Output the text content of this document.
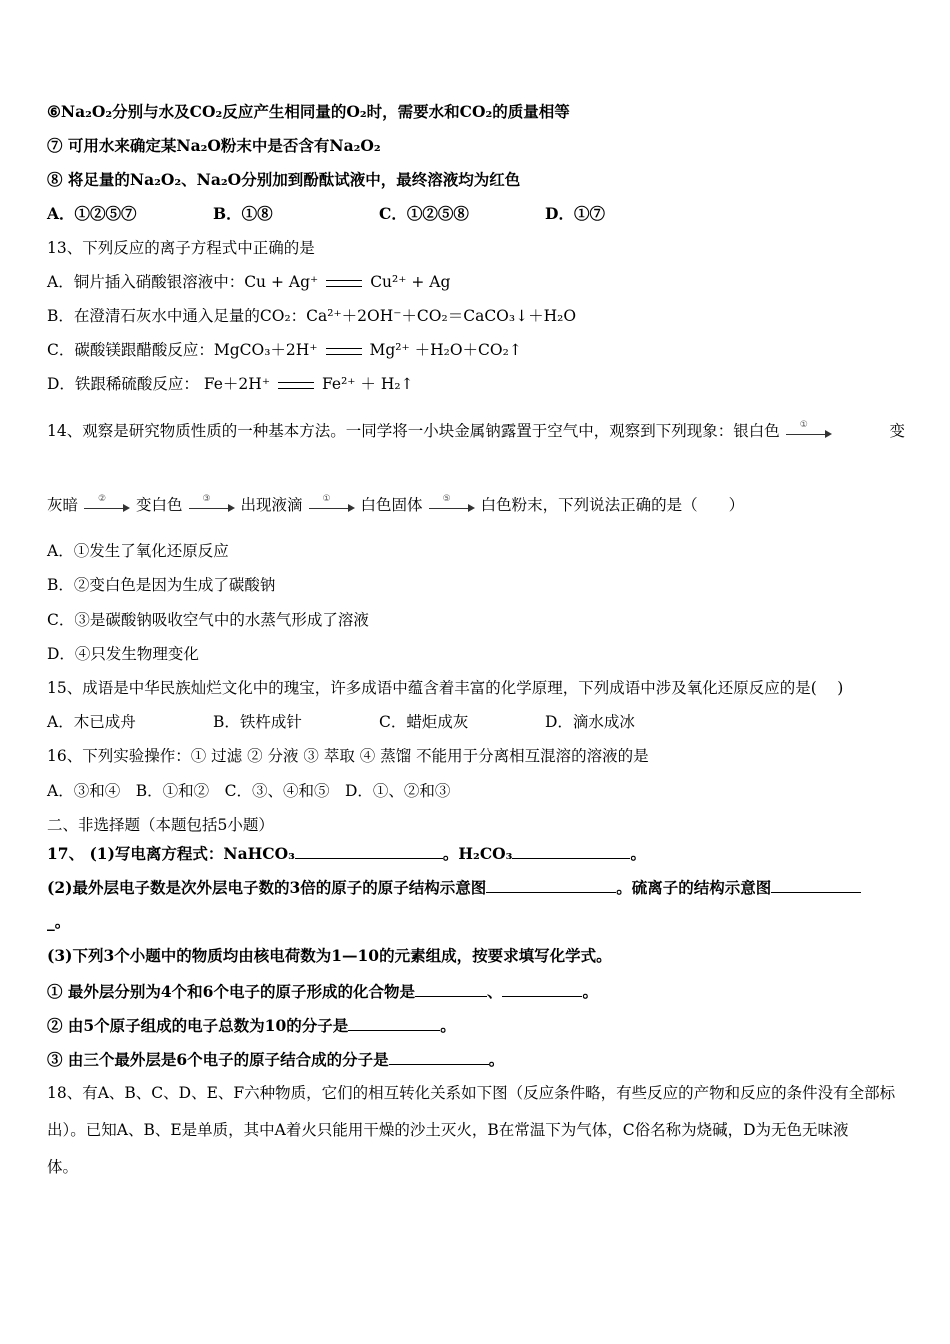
⑥Na₂O₂分别与水及CO₂反应产生相同量的O₂时，需要水和CO₂的质量相等
⑦ 可用水来确定某Na₂O粉末中是否含有Na₂O₂
⑧ 将足量的Na₂O₂、Na₂O分别加到酚酞试液中，最终溶液均为红色
A．①②⑤⑦	B．①⑧	C．①②⑤⑧	D．①⑦
13、下列反应的离子方程式中正确的是
A．铜片插入硝酸银溶液中：Cu + Ag⁺	Cu²⁺ + Ag
B．在澄清石灰水中通入足量的CO₂：Ca²⁺＋2OH⁻＋CO₂＝CaCO₃↓＋H₂O
C．碳酸镁跟醋酸反应：MgCO₃＋2H⁺	Mg²⁺ ＋H₂O＋CO₂↑
D．铁跟稀硫酸反应： Fe＋2H⁺	Fe²⁺ ＋ H₂↑
14、观察是研究物质性质的一种基本方法。一同学将一小块金属钠露置于空气中，观察到下列现象：银白色 ①	变
灰暗 ② 变白色 ③ 出现液滴 ① 白色固体 ⑤ 白色粉末，下列说法正确的是（　　）
A．①发生了氧化还原反应
B．②变白色是因为生成了碳酸钠
C．③是碳酸钠吸收空气中的水蒸气形成了溶液
D．④只发生物理变化
15、成语是中华民族灿烂文化中的瑰宝，许多成语中蕴含着丰富的化学原理，下列成语中涉及氧化还原反应的是(　 )
A．木已成舟	B．铁杵成针	C．蜡炬成灰	D．滴水成冰
16、下列实验操作：① 过滤 ② 分液 ③ 萃取 ④ 蒸馏 不能用于分离相互混溶的溶液的是
A．③和④　B．①和②　C．③、④和⑤　D．①、②和③
二、非选择题（本题包括5小题）
17、 (1)写电离方程式：NaHCO₃	。H₂CO₃	。
(2)最外层电子数是次外层电子数的3倍的原子的原子结构示意图	。硫离子的结构示意图
_。
(3)下列3个小题中的物质均由核电荷数为1—10的元素组成，按要求填写化学式。
① 最外层分别为4个和6个电子的原子形成的化合物是	、	。
② 由5个原子组成的电子总数为10的分子是	。
③ 由三个最外层是6个电子的原子结合成的分子是	。
18、有A、B、C、D、E、F六种物质，它们的相互转化关系如下图（反应条件略，有些反应的产物和反应的条件没有全部标
出）。已知A、B、E是单质，其中A着火只能用干燥的沙土灭火，B在常温下为气体，C俗名称为烧碱，D为无色无味液
体。
